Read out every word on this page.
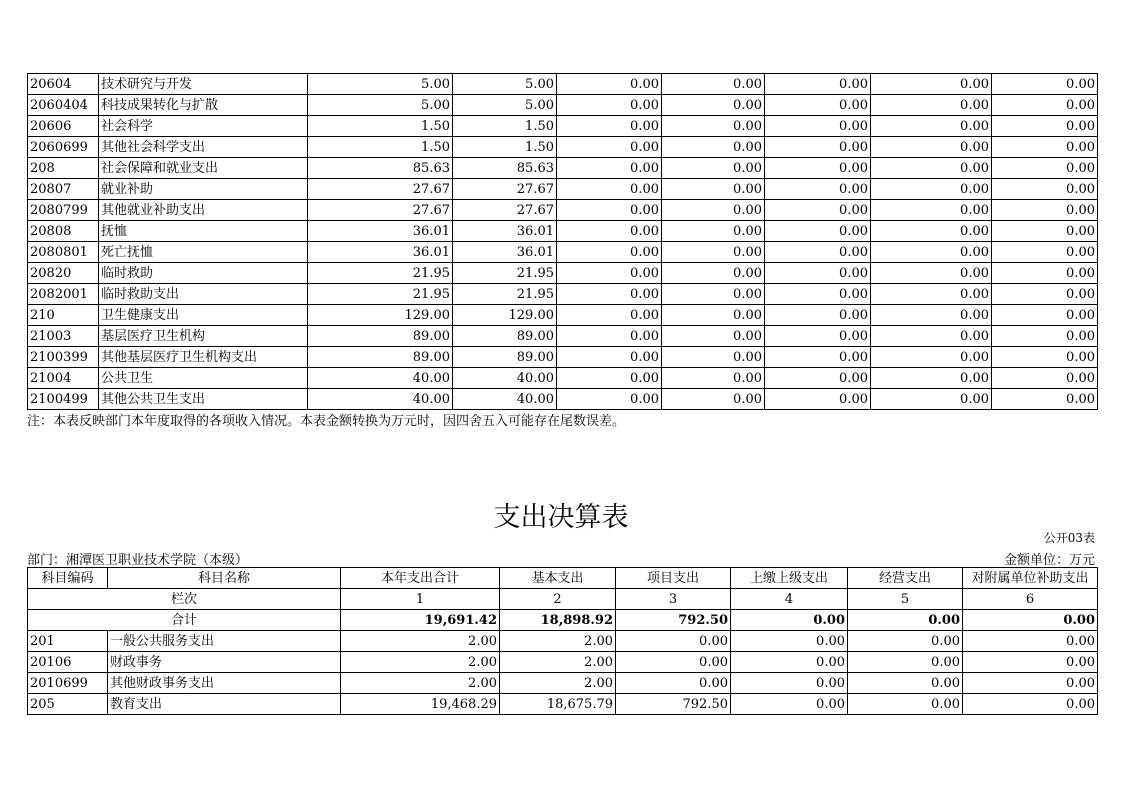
20604	技术研究与开发	5.00	5.00	0.00	0.00	0.00	0.00	0.00
2060404	科技成果转化与扩散	5.00	5.00	0.00	0.00	0.00	0.00	0.00
20606	社会科学	1.50	1.50	0.00	0.00	0.00	0.00	0.00
2060699	其他社会科学支出	1.50	1.50	0.00	0.00	0.00	0.00	0.00
208	社会保障和就业支出	85.63	85.63	0.00	0.00	0.00	0.00	0.00
20807	就业补助	27.67	27.67	0.00	0.00	0.00	0.00	0.00
2080799	其他就业补助支出	27.67	27.67	0.00	0.00	0.00	0.00	0.00
20808	抚恤	36.01	36.01	0.00	0.00	0.00	0.00	0.00
2080801	死亡抚恤	36.01	36.01	0.00	0.00	0.00	0.00	0.00
20820	临时救助	21.95	21.95	0.00	0.00	0.00	0.00	0.00
2082001	临时救助支出	21.95	21.95	0.00	0.00	0.00	0.00	0.00
210	卫生健康支出	129.00	129.00	0.00	0.00	0.00	0.00	0.00
21003	基层医疗卫生机构	89.00	89.00	0.00	0.00	0.00	0.00	0.00
2100399	其他基层医疗卫生机构支出	89.00	89.00	0.00	0.00	0.00	0.00	0.00
21004	公共卫生	40.00	40.00	0.00	0.00	0.00	0.00	0.00
2100499	其他公共卫生支出	40.00	40.00	0.00	0.00	0.00	0.00	0.00
注：本表反映部门本年度取得的各项收入情况。本表金额转换为万元时，因四舍五入可能存在尾数误差。
支出决算表
公开03表
部门：湘潭医卫职业技术学院（本级）	金额单位：万元
科目编码	科目名称	本年支出合计	基本支出	项目支出	上缴上级支出	经营支出	对附属单位补助支出
栏次		1	2	3	4	5	6
合计		19,691.42	18,898.92	792.50	0.00	0.00	0.00
201	一般公共服务支出	2.00	2.00	0.00	0.00	0.00	0.00
20106	财政事务	2.00	2.00	0.00	0.00	0.00	0.00
2010699	其他财政事务支出	2.00	2.00	0.00	0.00	0.00	0.00
205	教育支出	19,468.29	18,675.79	792.50	0.00	0.00	0.00
